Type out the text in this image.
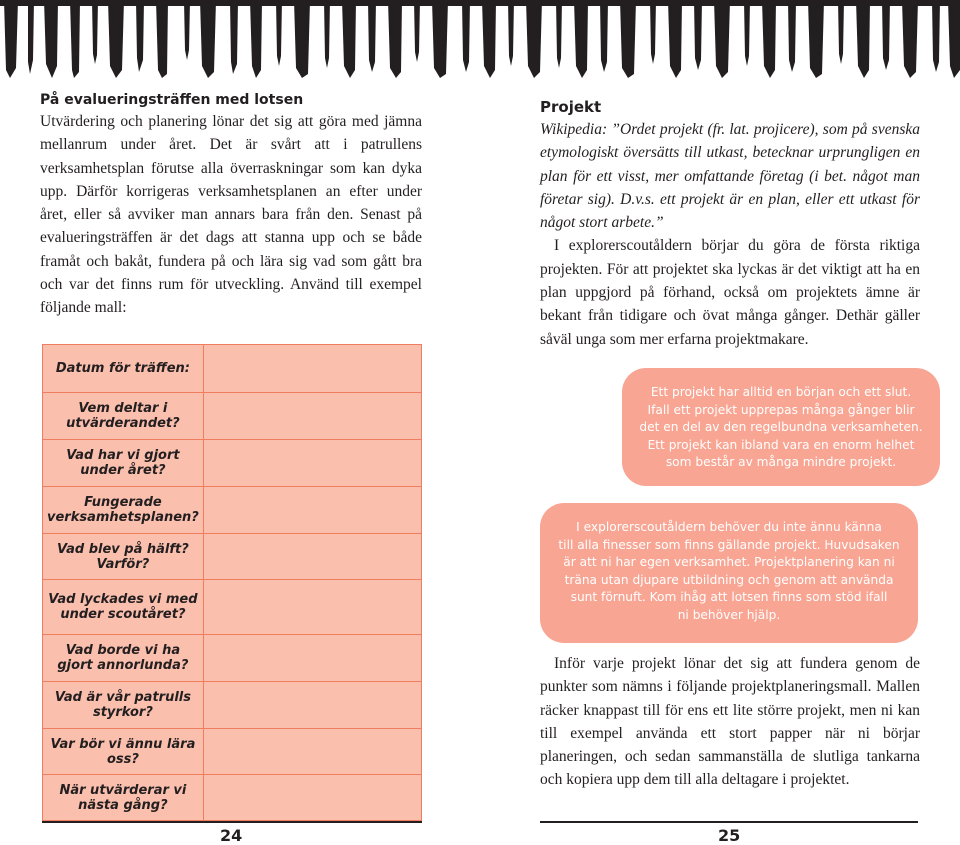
På evalueringsträffen med lotsen

Utvärdering och planering lönar det sig att göra med jämna mellanrum under året. Det är svårt att i patrullens verksamhetsplan förutse alla överraskningar som kan dyka upp. Därför korrigeras verksamhetsplanen an efter under året, eller så avviker man annars bara från den. Senast på evalueringsträffen är det dags att stanna upp och se både framåt och bakåt, fundera på och lära sig vad som gått bra och var det finns rum för utveckling. Använd till exempel följande mall:

Datum för träffen:	
Vem deltar i utvärderandet?	
Vad har vi gjort under året?	
Fungerade verksamhetsplanen?	
Vad blev på hälft? Varför?	
Vad lyckades vi med under scoutåret?	
Vad borde vi ha gjort annorlunda?	
Vad är vår patrulls styrkor?	
Var bör vi ännu lära oss?	
När utvärderar vi nästa gång?	
24
Projekt

Wikipedia: ”Ordet projekt (fr. lat. projicere), som på svenska etymologiskt översätts till utkast, betecknar urprungligen en plan för ett visst, mer omfattande företag (i bet. något man företar sig). D.v.s. ett projekt är en plan, eller ett utkast för något stort arbete.”

I explorerscoutåldern börjar du göra de första riktiga projekten. För att projektet ska lyckas är det viktigt att ha en plan uppgjord på förhand, också om projektets ämne är bekant från tidigare och övat många gånger. Dethär gäller såväl unga som mer erfarna projektmakare.

Ett projekt har alltid en början och ett slut.
Ifall ett projekt upprepas många gånger blir
det en del av den regelbundna verksamheten.
Ett projekt kan ibland vara en enorm helhet
som består av många mindre projekt.
I explorerscoutåldern behöver du inte ännu känna
till alla finesser som finns gällande projekt. Huvudsaken
är att ni har egen verksamhet. Projektplanering kan ni
träna utan djupare utbildning och genom att använda
sunt förnuft. Kom ihåg att lotsen finns som stöd ifall
ni behöver hjälp.

Inför varje projekt lönar det sig att fundera genom de punkter som nämns i följande projektplaneringsmall. Mallen räcker knappast till för ens ett lite större projekt, men ni kan till exempel använda ett stort papper när ni börjar planeringen, och sedan sammanställa de slutliga tankarna och kopiera upp dem till alla deltagare i projektet.

25
